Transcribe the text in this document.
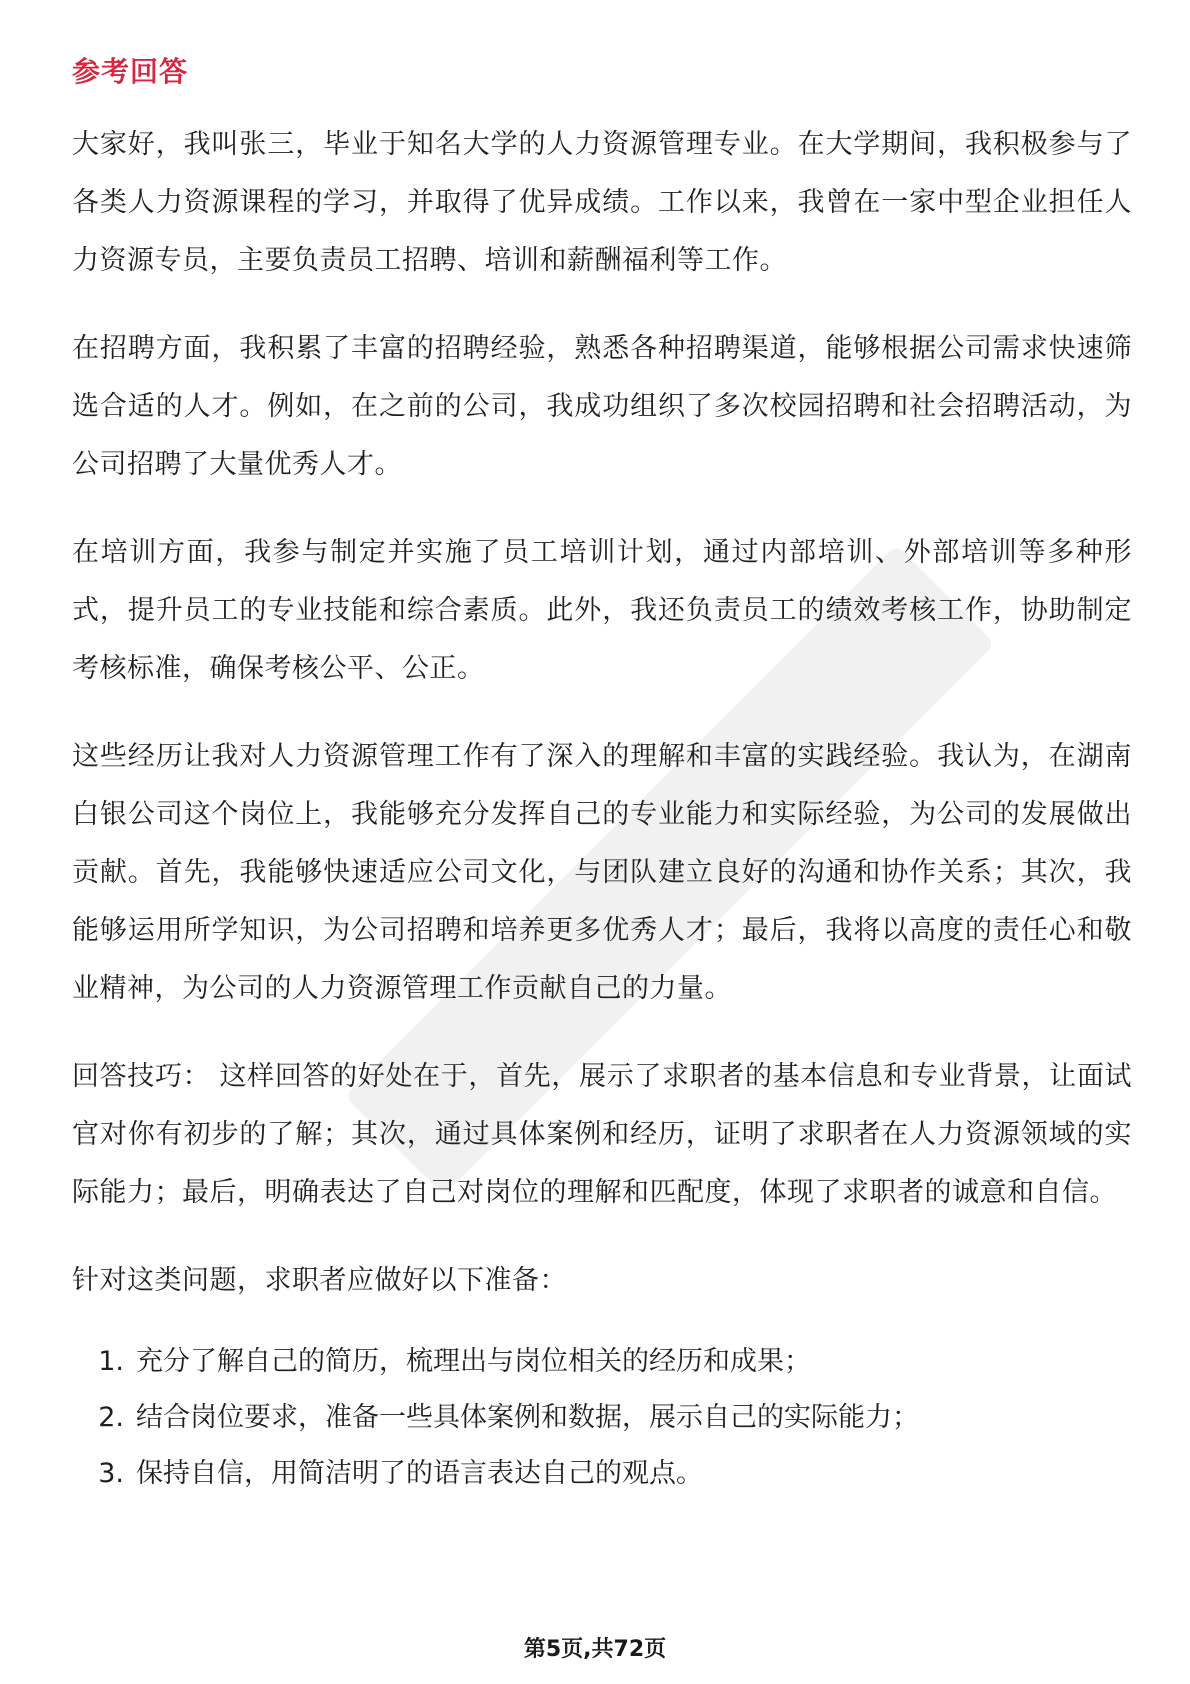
参考回答

大家好，我叫张三，毕业于知名大学的人力资源管理专业。在大学期间，我积极参与了各类人力资源课程的学习，并取得了优异成绩。工作以来，我曾在一家中型企业担任人力资源专员，主要负责员工招聘、培训和薪酬福利等工作。

在招聘方面，我积累了丰富的招聘经验，熟悉各种招聘渠道，能够根据公司需求快速筛选合适的人才。例如，在之前的公司，我成功组织了多次校园招聘和社会招聘活动，为公司招聘了大量优秀人才。

在培训方面，我参与制定并实施了员工培训计划，通过内部培训、外部培训等多种形式，提升员工的专业技能和综合素质。此外，我还负责员工的绩效考核工作，协助制定考核标准，确保考核公平、公正。

这些经历让我对人力资源管理工作有了深入的理解和丰富的实践经验。我认为，在湖南白银公司这个岗位上，我能够充分发挥自己的专业能力和实际经验，为公司的发展做出贡献。首先，我能够快速适应公司文化，与团队建立良好的沟通和协作关系；其次，我能够运用所学知识，为公司招聘和培养更多优秀人才；最后，我将以高度的责任心和敬业精神，为公司的人力资源管理工作贡献自己的力量。

回答技巧： 这样回答的好处在于，首先，展示了求职者的基本信息和专业背景，让面试官对你有初步的了解；其次，通过具体案例和经历，证明了求职者在人力资源领域的实际能力；最后，明确表达了自己对岗位的理解和匹配度，体现了求职者的诚意和自信。

针对这类问题，求职者应做好以下准备：

1. 充分了解自己的简历，梳理出与岗位相关的经历和成果；
2. 结合岗位要求，准备一些具体案例和数据，展示自己的实际能力；
3. 保持自信，用简洁明了的语言表达自己的观点。
第5页,共72页
